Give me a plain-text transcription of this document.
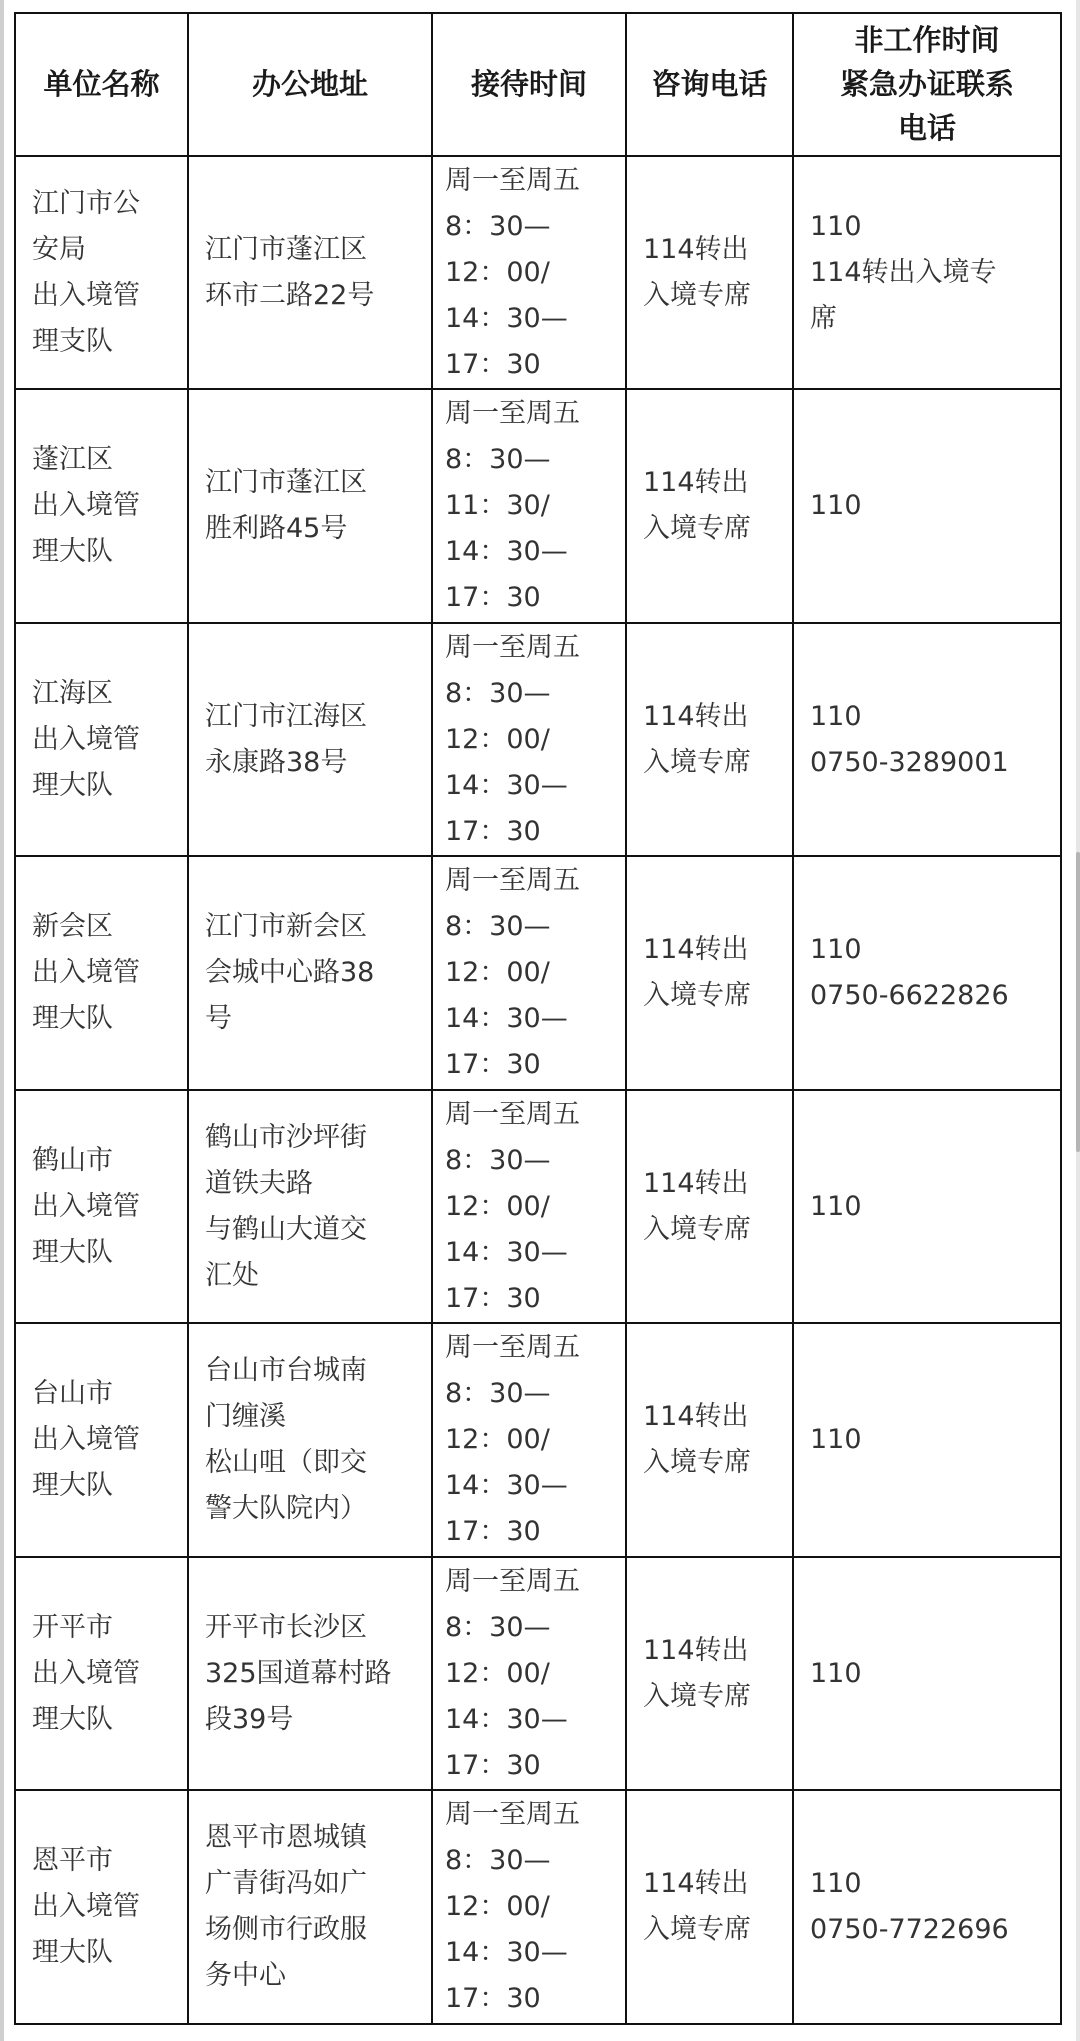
单位名称	办公地址	接待时间	咨询电话	非工作时间
紧急办证联系
电话

江门市公
安局
出入境管
理支队	江门市蓬江区
环市二路22号	周一至周五
8：30—
12：00/
14：30—
17：30	114转出
入境专席	110
114转出入境专
席

蓬江区
出入境管
理大队	江门市蓬江区
胜利路45号	周一至周五
8：30—
11：30/
14：30—
17：30	114转出
入境专席	110

江海区
出入境管
理大队	江门市江海区
永康路38号	周一至周五
8：30—
12：00/
14：30—
17：30	114转出
入境专席	110
0750-3289001

新会区
出入境管
理大队	江门市新会区
会城中心路38
号	周一至周五
8：30—
12：00/
14：30—
17：30	114转出
入境专席	110
0750-6622826

鹤山市
出入境管
理大队	鹤山市沙坪街
道铁夫路
与鹤山大道交
汇处	周一至周五
8：30—
12：00/
14：30—
17：30	114转出
入境专席	110

台山市
出入境管
理大队	台山市台城南
门缠溪
松山咀（即交
警大队院内）	周一至周五
8：30—
12：00/
14：30—
17：30	114转出
入境专席	110

开平市
出入境管
理大队	开平市长沙区
325国道幕村路
段39号	周一至周五
8：30—
12：00/
14：30—
17：30	114转出
入境专席	110

恩平市
出入境管
理大队	恩平市恩城镇
广青街冯如广
场侧市行政服
务中心	周一至周五
8：30—
12：00/
14：30—
17：30	114转出
入境专席	110
0750-7722696
